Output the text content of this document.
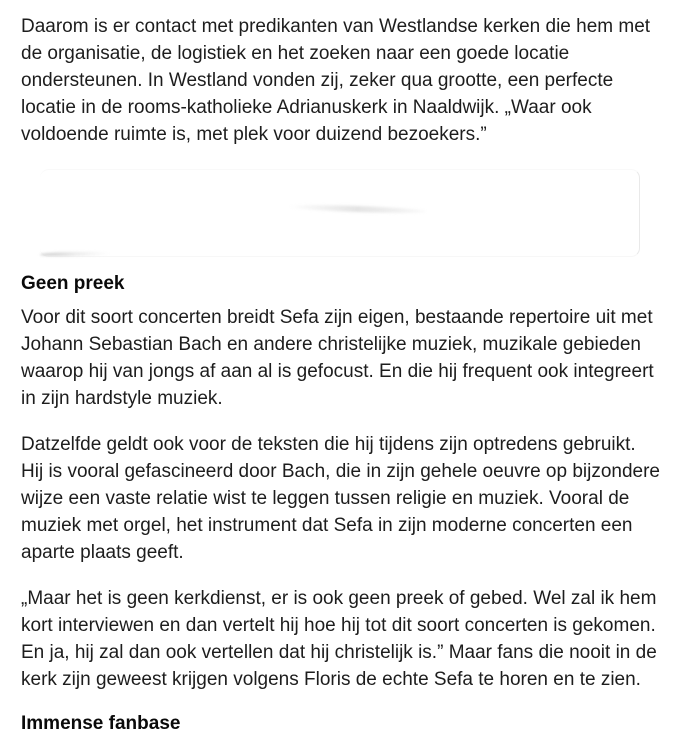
Daarom is er contact met predikanten van Westlandse kerken die hem met de organisatie, de logistiek en het zoeken naar een goede locatie ondersteunen. In Westland vonden zij, zeker qua grootte, een perfecte locatie in de rooms-katholieke Adrianuskerk in Naaldwijk. „Waar ook voldoende ruimte is, met plek voor duizend bezoekers.”

Geen preek

Voor dit soort concerten breidt Sefa zijn eigen, bestaande repertoire uit met Johann Sebastian Bach en andere christelijke muziek, muzikale gebieden waarop hij van jongs af aan al is gefocust. En die hij frequent ook integreert in zijn hardstyle muziek.

Datzelfde geldt ook voor de teksten die hij tijdens zijn optredens gebruikt. Hij is vooral gefascineerd door Bach, die in zijn gehele oeuvre op bijzondere wijze een vaste relatie wist te leggen tussen religie en muziek. Vooral de muziek met orgel, het instrument dat Sefa in zijn moderne concerten een aparte plaats geeft.

„Maar het is geen kerkdienst, er is ook geen preek of gebed. Wel zal ik hem kort interviewen en dan vertelt hij hoe hij tot dit soort concerten is gekomen. En ja, hij zal dan ook vertellen dat hij christelijk is.” Maar fans die nooit in de kerk zijn geweest krijgen volgens Floris de echte Sefa te horen en te zien.

Immense fanbase
